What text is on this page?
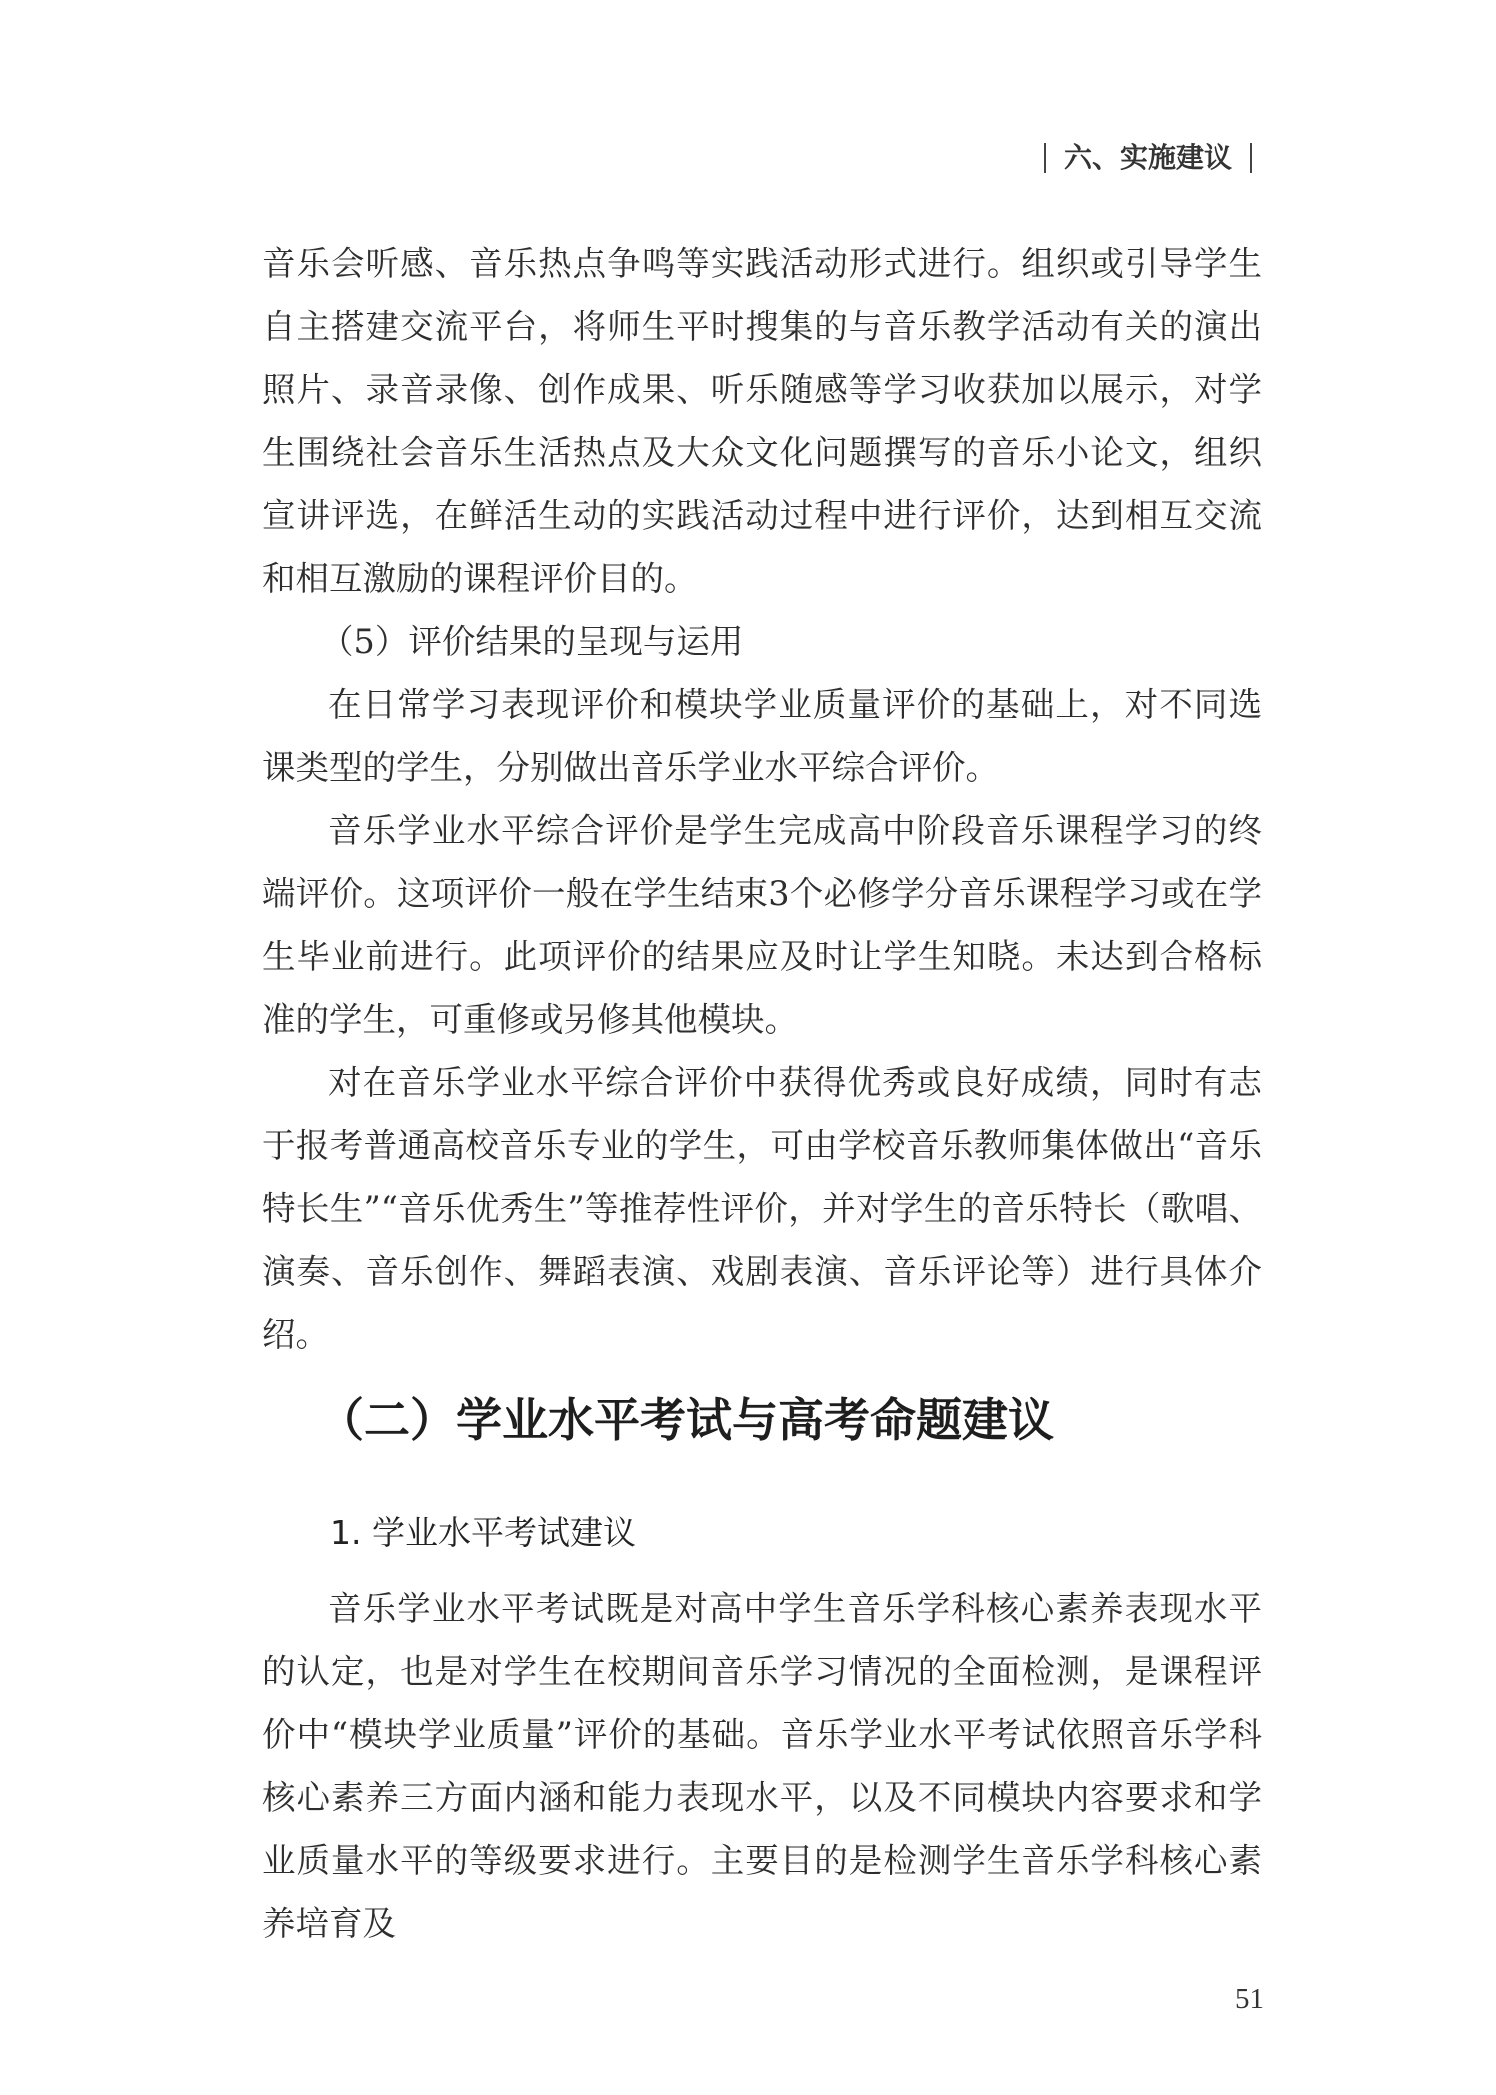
六、实施建议

音乐会听感、音乐热点争鸣等实践活动形式进行。组织或引导学生自主搭建交流平台，将师生平时搜集的与音乐教学活动有关的演出照片、录音录像、创作成果、听乐随感等学习收获加以展示，对学生围绕社会音乐生活热点及大众文化问题撰写的音乐小论文，组织宣讲评选，在鲜活生动的实践活动过程中进行评价，达到相互交流和相互激励的课程评价目的。

（5）评价结果的呈现与运用

在日常学习表现评价和模块学业质量评价的基础上，对不同选课类型的学生，分别做出音乐学业水平综合评价。

音乐学业水平综合评价是学生完成高中阶段音乐课程学习的终端评价。这项评价一般在学生结束3个必修学分音乐课程学习或在学生毕业前进行。此项评价的结果应及时让学生知晓。未达到合格标准的学生，可重修或另修其他模块。

对在音乐学业水平综合评价中获得优秀或良好成绩，同时有志于报考普通高校音乐专业的学生，可由学校音乐教师集体做出“音乐特长生”“音乐优秀生”等推荐性评价，并对学生的音乐特长（歌唱、演奏、音乐创作、舞蹈表演、戏剧表演、音乐评论等）进行具体介绍。

（二）学业水平考试与高考命题建议
1. 学业水平考试建议

音乐学业水平考试既是对高中学生音乐学科核心素养表现水平的认定，也是对学生在校期间音乐学习情况的全面检测，是课程评价中“模块学业质量”评价的基础。音乐学业水平考试依照音乐学科核心素养三方面内涵和能力表现水平，以及不同模块内容要求和学业质量水平的等级要求进行。主要目的是检测学生音乐学科核心素养培育及

51
